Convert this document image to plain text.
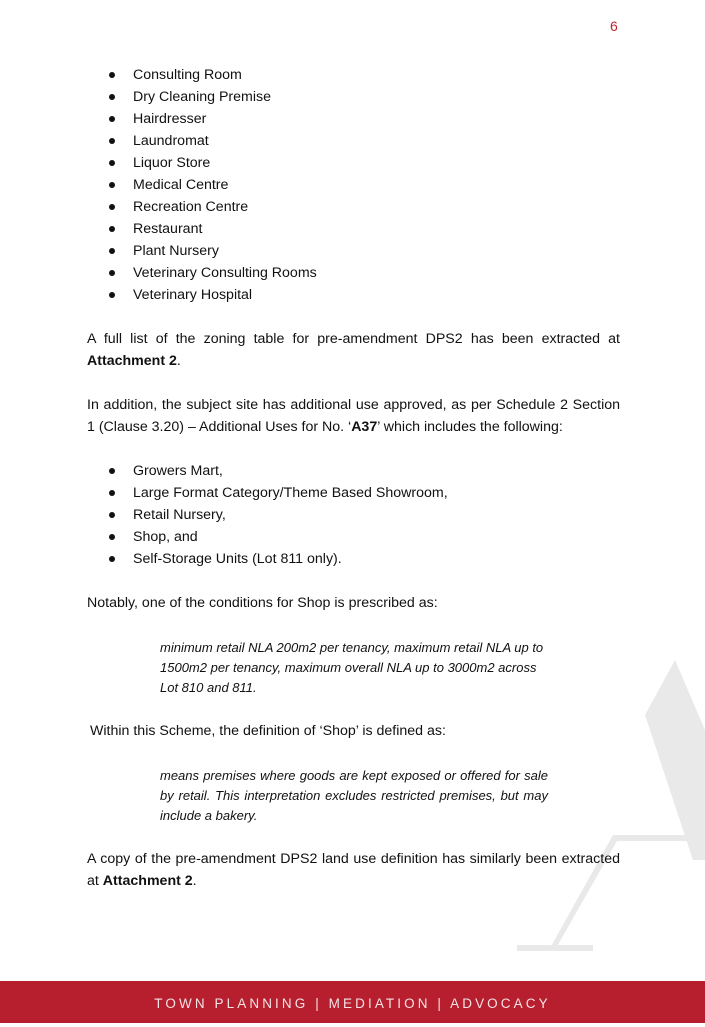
6
Consulting Room
Dry Cleaning Premise
Hairdresser
Laundromat
Liquor Store
Medical Centre
Recreation Centre
Restaurant
Plant Nursery
Veterinary Consulting Rooms
Veterinary Hospital

A full list of the zoning table for pre-amendment DPS2 has been extracted at Attachment 2.

In addition, the subject site has additional use approved, as per Schedule 2 Section 1 (Clause 3.20) – Additional Uses for No. ‘A37’ which includes the following:

Growers Mart,
Large Format Category/Theme Based Showroom,
Retail Nursery,
Shop, and
Self-Storage Units (Lot 811 only).

Notably, one of the conditions for Shop is prescribed as:

minimum retail NLA 200m2 per tenancy, maximum retail NLA up to 1500m2 per tenancy, maximum overall NLA up to 3000m2 across Lot 810 and 811.

Within this Scheme, the definition of ‘Shop’ is defined as:

means premises where goods are kept exposed or offered for sale by retail. This interpretation excludes restricted premises, but may include a bakery.

A copy of the pre-amendment DPS2 land use definition has similarly been extracted at Attachment 2.

TOWN PLANNING | MEDIATION | ADVOCACY
